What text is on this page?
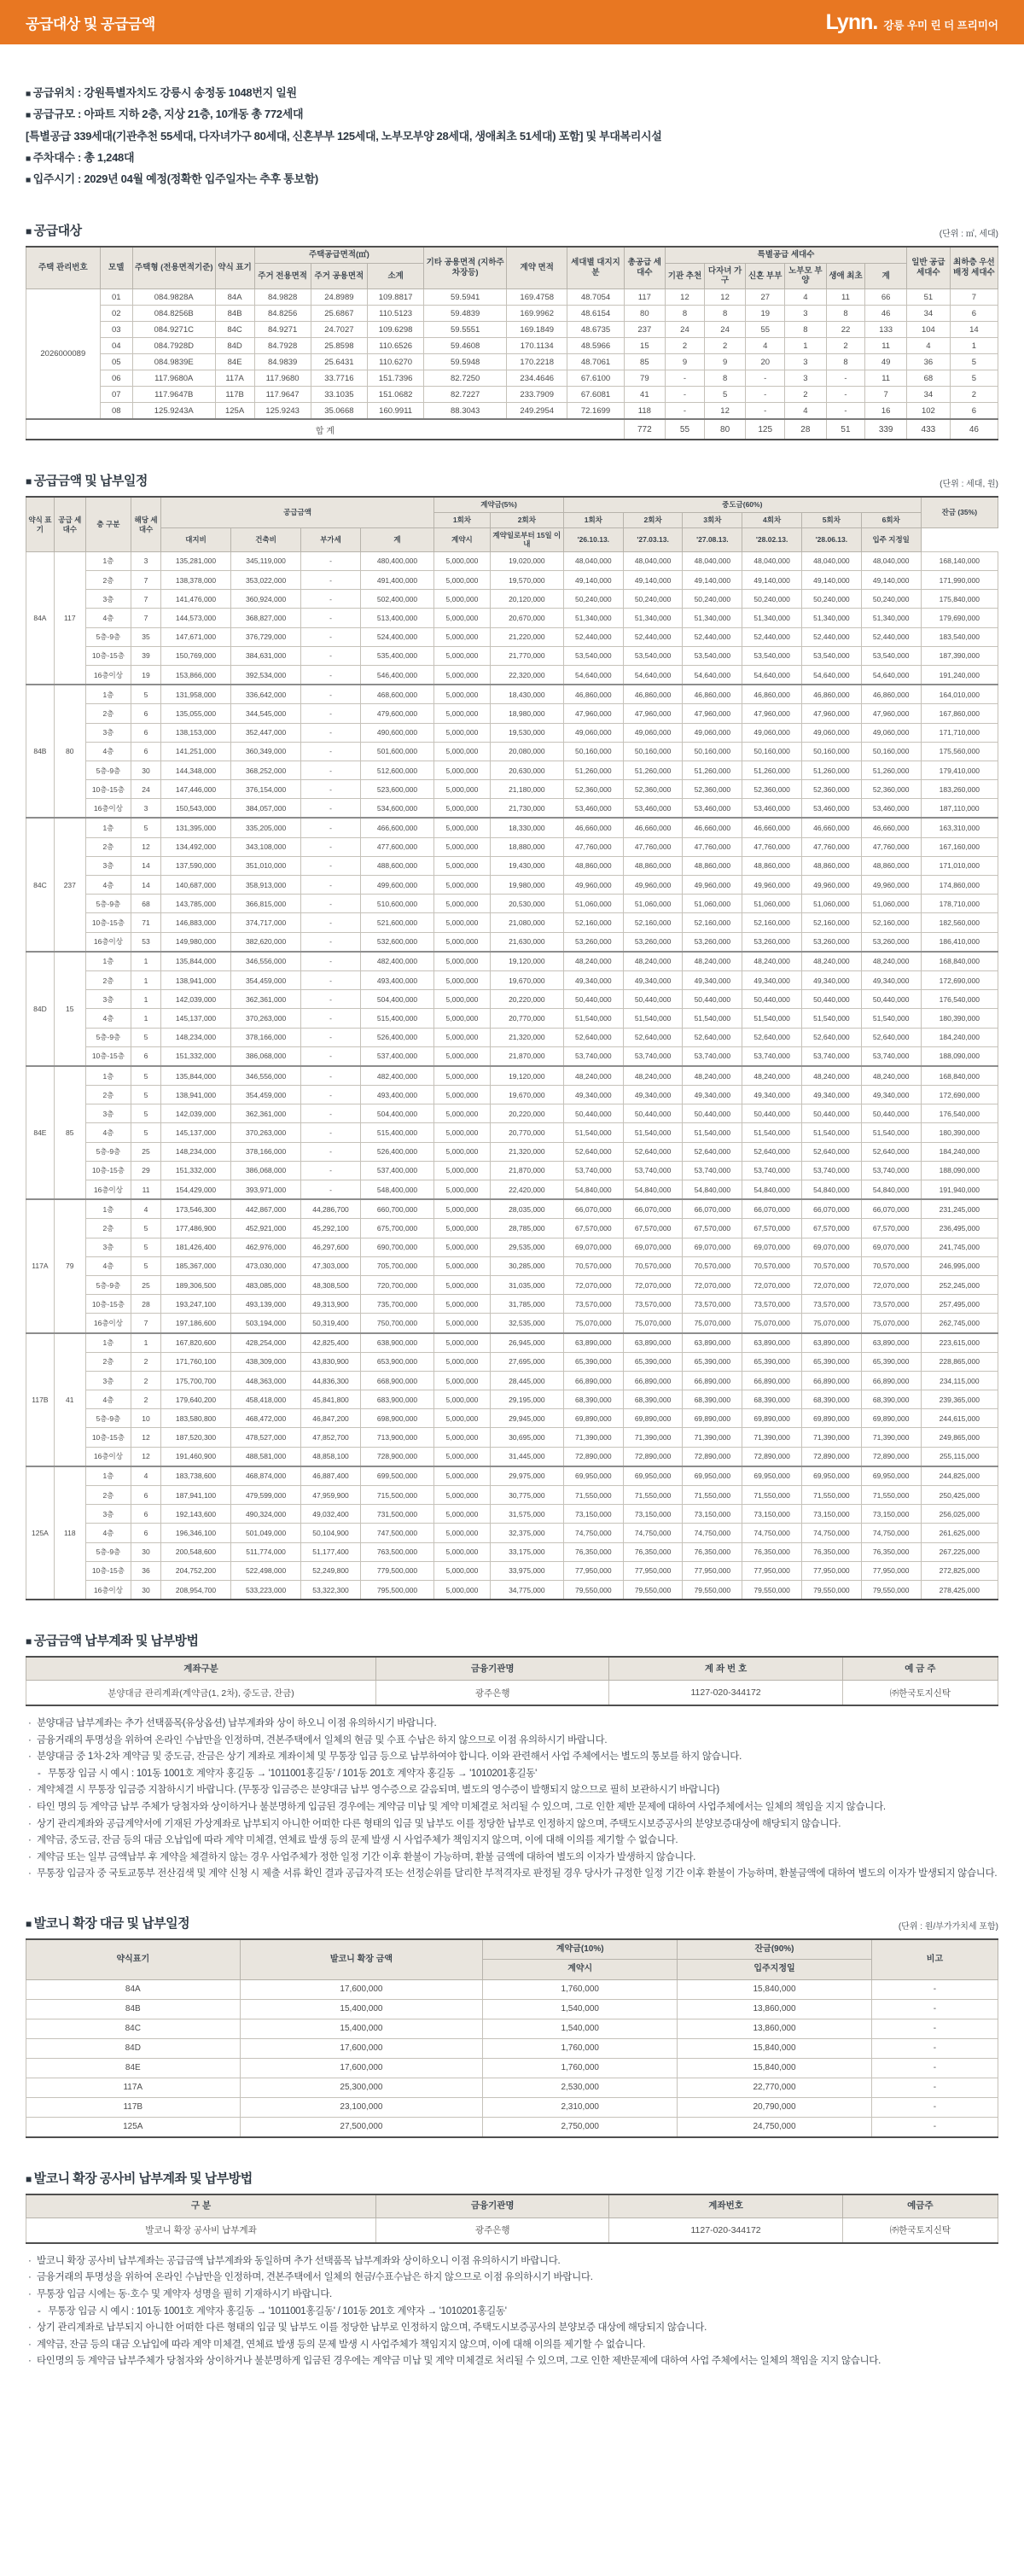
공급대상 및 공급금액	Lynn. 강릉 우미 린 더 프리미어
■ 공급위치 : 강원특별자치도 강릉시 송정동 1048번지 일원
■ 공급규모 : 아파트 지하 2층, 지상 21층, 10개동 총 772세대
[특별공급 339세대(기관추천 55세대, 다자녀가구 80세대, 신혼부부 125세대, 노부모부양 28세대, 생애최초 51세대) 포함] 및 부대복리시설
■ 주차대수 : 총 1,248대
■ 입주시기 : 2029년 04월 예정(정확한 입주일자는 추후 통보함)
■ 공급대상	(단위 : ㎡, 세대)
주택 관리번호	모델	주택형 (전용면적기준)	약식 표기	주택공급면적(㎡)			기타 공용면적 (지하주차장등)	계약 면적	세대별 대지지분	총공급 세대수	특별공급 세대수						일반 공급 세대수	최하층 우선 배정 세대수
				주거 전용면적	주거 공용면적	소계					기관 추천	다자녀 가구	신혼 부부	노부모 부양	생애 최초	계		
2026000089	01	084.9828A	84A	84.9828	24.8989	109.8817	59.5941	169.4758	48.7054	117	12	12	27	4	11	66	51	7
	02	084.8256B	84B	84.8256	25.6867	110.5123	59.4839	169.9962	48.6154	80	8	8	19	3	8	46	34	6
	03	084.9271C	84C	84.9271	24.7027	109.6298	59.5551	169.1849	48.6735	237	24	24	55	8	22	133	104	14
	04	084.7928D	84D	84.7928	25.8598	110.6526	59.4608	170.1134	48.5966	15	2	2	4	1	2	11	4	1
	05	084.9839E	84E	84.9839	25.6431	110.6270	59.5948	170.2218	48.7061	85	9	9	20	3	8	49	36	5
	06	117.9680A	117A	117.9680	33.7716	151.7396	82.7250	234.4646	67.6100	79	-	8	-	3	-	11	68	5
	07	117.9647B	117B	117.9647	33.1035	151.0682	82.7227	233.7909	67.6081	41	-	5	-	2	-	7	34	2
	08	125.9243A	125A	125.9243	35.0668	160.9911	88.3043	249.2954	72.1699	118	-	12	-	4	-	16	102	6
합 계										772	55	80	125	28	51	339	433	46
■ 공급금액 및 납부일정	(단위 : 세대, 원)
약식 표기	공급 세대수	층 구분	해당 세대수	공급금액				계약금(5%)		중도금(60%)						잔금 (35%)
								1회차	2회차	1회차	2회차	3회차	4회차	5회차	6회차	
				대지비	건축비	부가세	계	계약시	계약일로부터 15일 이내	'26.10.13.	'27.03.13.	'27.08.13.	'28.02.13.	'28.06.13.	입주 지정일	
84A	117	1층	3	135,281,000	345,119,000	-	480,400,000	5,000,000	19,020,000	48,040,000	48,040,000	48,040,000	48,040,000	48,040,000	48,040,000	168,140,000
		2층	7	138,378,000	353,022,000	-	491,400,000	5,000,000	19,570,000	49,140,000	49,140,000	49,140,000	49,140,000	49,140,000	49,140,000	171,990,000
		3층	7	141,476,000	360,924,000	-	502,400,000	5,000,000	20,120,000	50,240,000	50,240,000	50,240,000	50,240,000	50,240,000	50,240,000	175,840,000
		4층	7	144,573,000	368,827,000	-	513,400,000	5,000,000	20,670,000	51,340,000	51,340,000	51,340,000	51,340,000	51,340,000	51,340,000	179,690,000
		5층-9층	35	147,671,000	376,729,000	-	524,400,000	5,000,000	21,220,000	52,440,000	52,440,000	52,440,000	52,440,000	52,440,000	52,440,000	183,540,000
		10층-15층	39	150,769,000	384,631,000	-	535,400,000	5,000,000	21,770,000	53,540,000	53,540,000	53,540,000	53,540,000	53,540,000	53,540,000	187,390,000
		16층이상	19	153,866,000	392,534,000	-	546,400,000	5,000,000	22,320,000	54,640,000	54,640,000	54,640,000	54,640,000	54,640,000	54,640,000	191,240,000
84B	80	1층	5	131,958,000	336,642,000	-	468,600,000	5,000,000	18,430,000	46,860,000	46,860,000	46,860,000	46,860,000	46,860,000	46,860,000	164,010,000
		2층	6	135,055,000	344,545,000	-	479,600,000	5,000,000	18,980,000	47,960,000	47,960,000	47,960,000	47,960,000	47,960,000	47,960,000	167,860,000
		3층	6	138,153,000	352,447,000	-	490,600,000	5,000,000	19,530,000	49,060,000	49,060,000	49,060,000	49,060,000	49,060,000	49,060,000	171,710,000
		4층	6	141,251,000	360,349,000	-	501,600,000	5,000,000	20,080,000	50,160,000	50,160,000	50,160,000	50,160,000	50,160,000	50,160,000	175,560,000
		5층-9층	30	144,348,000	368,252,000	-	512,600,000	5,000,000	20,630,000	51,260,000	51,260,000	51,260,000	51,260,000	51,260,000	51,260,000	179,410,000
		10층-15층	24	147,446,000	376,154,000	-	523,600,000	5,000,000	21,180,000	52,360,000	52,360,000	52,360,000	52,360,000	52,360,000	52,360,000	183,260,000
		16층이상	3	150,543,000	384,057,000	-	534,600,000	5,000,000	21,730,000	53,460,000	53,460,000	53,460,000	53,460,000	53,460,000	53,460,000	187,110,000
84C	237	1층	5	131,395,000	335,205,000	-	466,600,000	5,000,000	18,330,000	46,660,000	46,660,000	46,660,000	46,660,000	46,660,000	46,660,000	163,310,000
		2층	12	134,492,000	343,108,000	-	477,600,000	5,000,000	18,880,000	47,760,000	47,760,000	47,760,000	47,760,000	47,760,000	47,760,000	167,160,000
		3층	14	137,590,000	351,010,000	-	488,600,000	5,000,000	19,430,000	48,860,000	48,860,000	48,860,000	48,860,000	48,860,000	48,860,000	171,010,000
		4층	14	140,687,000	358,913,000	-	499,600,000	5,000,000	19,980,000	49,960,000	49,960,000	49,960,000	49,960,000	49,960,000	49,960,000	174,860,000
		5층-9층	68	143,785,000	366,815,000	-	510,600,000	5,000,000	20,530,000	51,060,000	51,060,000	51,060,000	51,060,000	51,060,000	51,060,000	178,710,000
		10층-15층	71	146,883,000	374,717,000	-	521,600,000	5,000,000	21,080,000	52,160,000	52,160,000	52,160,000	52,160,000	52,160,000	52,160,000	182,560,000
		16층이상	53	149,980,000	382,620,000	-	532,600,000	5,000,000	21,630,000	53,260,000	53,260,000	53,260,000	53,260,000	53,260,000	53,260,000	186,410,000
84D	15	1층	1	135,844,000	346,556,000	-	482,400,000	5,000,000	19,120,000	48,240,000	48,240,000	48,240,000	48,240,000	48,240,000	48,240,000	168,840,000
		2층	1	138,941,000	354,459,000	-	493,400,000	5,000,000	19,670,000	49,340,000	49,340,000	49,340,000	49,340,000	49,340,000	49,340,000	172,690,000
		3층	1	142,039,000	362,361,000	-	504,400,000	5,000,000	20,220,000	50,440,000	50,440,000	50,440,000	50,440,000	50,440,000	50,440,000	176,540,000
		4층	1	145,137,000	370,263,000	-	515,400,000	5,000,000	20,770,000	51,540,000	51,540,000	51,540,000	51,540,000	51,540,000	51,540,000	180,390,000
		5층-9층	5	148,234,000	378,166,000	-	526,400,000	5,000,000	21,320,000	52,640,000	52,640,000	52,640,000	52,640,000	52,640,000	52,640,000	184,240,000
		10층-15층	6	151,332,000	386,068,000	-	537,400,000	5,000,000	21,870,000	53,740,000	53,740,000	53,740,000	53,740,000	53,740,000	53,740,000	188,090,000
84E	85	1층	5	135,844,000	346,556,000	-	482,400,000	5,000,000	19,120,000	48,240,000	48,240,000	48,240,000	48,240,000	48,240,000	48,240,000	168,840,000
		2층	5	138,941,000	354,459,000	-	493,400,000	5,000,000	19,670,000	49,340,000	49,340,000	49,340,000	49,340,000	49,340,000	49,340,000	172,690,000
		3층	5	142,039,000	362,361,000	-	504,400,000	5,000,000	20,220,000	50,440,000	50,440,000	50,440,000	50,440,000	50,440,000	50,440,000	176,540,000
		4층	5	145,137,000	370,263,000	-	515,400,000	5,000,000	20,770,000	51,540,000	51,540,000	51,540,000	51,540,000	51,540,000	51,540,000	180,390,000
		5층-9층	25	148,234,000	378,166,000	-	526,400,000	5,000,000	21,320,000	52,640,000	52,640,000	52,640,000	52,640,000	52,640,000	52,640,000	184,240,000
		10층-15층	29	151,332,000	386,068,000	-	537,400,000	5,000,000	21,870,000	53,740,000	53,740,000	53,740,000	53,740,000	53,740,000	53,740,000	188,090,000
		16층이상	11	154,429,000	393,971,000	-	548,400,000	5,000,000	22,420,000	54,840,000	54,840,000	54,840,000	54,840,000	54,840,000	54,840,000	191,940,000
117A	79	1층	4	173,546,300	442,867,000	44,286,700	660,700,000	5,000,000	28,035,000	66,070,000	66,070,000	66,070,000	66,070,000	66,070,000	66,070,000	231,245,000
		2층	5	177,486,900	452,921,000	45,292,100	675,700,000	5,000,000	28,785,000	67,570,000	67,570,000	67,570,000	67,570,000	67,570,000	67,570,000	236,495,000
		3층	5	181,426,400	462,976,000	46,297,600	690,700,000	5,000,000	29,535,000	69,070,000	69,070,000	69,070,000	69,070,000	69,070,000	69,070,000	241,745,000
		4층	5	185,367,000	473,030,000	47,303,000	705,700,000	5,000,000	30,285,000	70,570,000	70,570,000	70,570,000	70,570,000	70,570,000	70,570,000	246,995,000
		5층-9층	25	189,306,500	483,085,000	48,308,500	720,700,000	5,000,000	31,035,000	72,070,000	72,070,000	72,070,000	72,070,000	72,070,000	72,070,000	252,245,000
		10층-15층	28	193,247,100	493,139,000	49,313,900	735,700,000	5,000,000	31,785,000	73,570,000	73,570,000	73,570,000	73,570,000	73,570,000	73,570,000	257,495,000
		16층이상	7	197,186,600	503,194,000	50,319,400	750,700,000	5,000,000	32,535,000	75,070,000	75,070,000	75,070,000	75,070,000	75,070,000	75,070,000	262,745,000
117B	41	1층	1	167,820,600	428,254,000	42,825,400	638,900,000	5,000,000	26,945,000	63,890,000	63,890,000	63,890,000	63,890,000	63,890,000	63,890,000	223,615,000
		2층	2	171,760,100	438,309,000	43,830,900	653,900,000	5,000,000	27,695,000	65,390,000	65,390,000	65,390,000	65,390,000	65,390,000	65,390,000	228,865,000
		3층	2	175,700,700	448,363,000	44,836,300	668,900,000	5,000,000	28,445,000	66,890,000	66,890,000	66,890,000	66,890,000	66,890,000	66,890,000	234,115,000
		4층	2	179,640,200	458,418,000	45,841,800	683,900,000	5,000,000	29,195,000	68,390,000	68,390,000	68,390,000	68,390,000	68,390,000	68,390,000	239,365,000
		5층-9층	10	183,580,800	468,472,000	46,847,200	698,900,000	5,000,000	29,945,000	69,890,000	69,890,000	69,890,000	69,890,000	69,890,000	69,890,000	244,615,000
		10층-15층	12	187,520,300	478,527,000	47,852,700	713,900,000	5,000,000	30,695,000	71,390,000	71,390,000	71,390,000	71,390,000	71,390,000	71,390,000	249,865,000
		16층이상	12	191,460,900	488,581,000	48,858,100	728,900,000	5,000,000	31,445,000	72,890,000	72,890,000	72,890,000	72,890,000	72,890,000	72,890,000	255,115,000
125A	118	1층	4	183,738,600	468,874,000	46,887,400	699,500,000	5,000,000	29,975,000	69,950,000	69,950,000	69,950,000	69,950,000	69,950,000	69,950,000	244,825,000
		2층	6	187,941,100	479,599,000	47,959,900	715,500,000	5,000,000	30,775,000	71,550,000	71,550,000	71,550,000	71,550,000	71,550,000	71,550,000	250,425,000
		3층	6	192,143,600	490,324,000	49,032,400	731,500,000	5,000,000	31,575,000	73,150,000	73,150,000	73,150,000	73,150,000	73,150,000	73,150,000	256,025,000
		4층	6	196,346,100	501,049,000	50,104,900	747,500,000	5,000,000	32,375,000	74,750,000	74,750,000	74,750,000	74,750,000	74,750,000	74,750,000	261,625,000
		5층-9층	30	200,548,600	511,774,000	51,177,400	763,500,000	5,000,000	33,175,000	76,350,000	76,350,000	76,350,000	76,350,000	76,350,000	76,350,000	267,225,000
		10층-15층	36	204,752,200	522,498,000	52,249,800	779,500,000	5,000,000	33,975,000	77,950,000	77,950,000	77,950,000	77,950,000	77,950,000	77,950,000	272,825,000
		16층이상	30	208,954,700	533,223,000	53,322,300	795,500,000	5,000,000	34,775,000	79,550,000	79,550,000	79,550,000	79,550,000	79,550,000	79,550,000	278,425,000
■ 공급금액 납부계좌 및 납부방법
계좌구분	금융기관명	계 좌 번 호	예 금 주
분양대금 관리계좌(계약금(1, 2차), 중도금, 잔금)	광주은행	1127-020-344172	㈜한국토지신탁
· 분양대금 납부계좌는 추가 선택품목(유상옵션) 납부계좌와 상이 하오니 이점 유의하시기 바랍니다.
· 금융거래의 투명성을 위하여 온라인 수납만을 인정하며, 견본주택에서 일체의 현금 및 수표 수납은 하지 않으므로 이점 유의하시기 바랍니다.
· 분양대금 중 1차·2차 계약금 및 중도금, 잔금은 상기 계좌로 계좌이체 및 무통장 입금 등으로 납부하여야 합니다. 이와 관련해서 사업 주체에서는 별도의 통보를 하지 않습니다.
- 무통장 입금 시 예시 : 101동 1001호 계약자 홍길동 → '1011001홍길동' / 101동 201호 계약자 홍길동 → '1010201홍길동'
· 계약체결 시 무통장 입금증 지참하시기 바랍니다. (무통장 입금증은 분양대금 납부 영수증으로 갈음되며, 별도의 영수증이 발행되지 않으므로 필히 보관하시기 바랍니다)
· 타인 명의 등 계약금 납부 주체가 당첨자와 상이하거나 불분명하게 입금된 경우에는 계약금 미납 및 계약 미체결로 처리될 수 있으며, 그로 인한 제반 문제에 대하여 사업주체에서는 일체의 책임을 지지 않습니다.
· 상기 관리계좌와 공급계약서에 기재된 가상계좌로 납부되지 아니한 어떠한 다른 형태의 입금 및 납부도 이를 정당한 납부로 인정하지 않으며, 주택도시보증공사의 분양보증대상에 해당되지 않습니다.
· 계약금, 중도금, 잔금 등의 대금 오납입에 따라 계약 미체결, 연체료 발생 등의 문제 발생 시 사업주체가 책임지지 않으며, 이에 대해 이의를 제기할 수 없습니다.
· 계약금 또는 일부 금액납부 후 계약을 체결하지 않는 경우 사업주체가 정한 일정 기간 이후 환불이 가능하며, 환불 금액에 대하여 별도의 이자가 발생하지 않습니다.
· 무통장 입금자 중 국토교통부 전산검색 및 계약 신청 시 제출 서류 확인 결과 공급자격 또는 선정순위를 달리한 부적격자로 판정될 경우 당사가 규정한 일정 기간 이후 환불이 가능하며, 환불금액에 대하여 별도의 이자가 발생되지 않습니다.
■ 발코니 확장 대금 및 납부일정	(단위 : 원/부가가치세 포함)
약식표기	발코니 확장 금액	계약금(10%)	잔금(90%)	비고
		계약시	입주지정일	
84A	17,600,000	1,760,000	15,840,000	-
84B	15,400,000	1,540,000	13,860,000	-
84C	15,400,000	1,540,000	13,860,000	-
84D	17,600,000	1,760,000	15,840,000	-
84E	17,600,000	1,760,000	15,840,000	-
117A	25,300,000	2,530,000	22,770,000	-
117B	23,100,000	2,310,000	20,790,000	-
125A	27,500,000	2,750,000	24,750,000	-
■ 발코니 확장 공사비 납부계좌 및 납부방법
구 분	금융기관명	계좌번호	예금주
발코니 확장 공사비 납부계좌	광주은행	1127-020-344172	㈜한국토지신탁
· 발코니 확장 공사비 납부계좌는 공급금액 납부계좌와 동일하며 추가 선택품목 납부계좌와 상이하오니 이점 유의하시기 바랍니다.
· 금융거래의 투명성을 위하여 온라인 수납만을 인정하며, 견본주택에서 일체의 현금/수표수납은 하지 않으므로 이점 유의하시기 바랍니다.
· 무통장 입금 시에는 동·호수 및 계약자 성명을 필히 기재하시기 바랍니다.
- 무통장 입금 시 예시 : 101동 1001호 계약자 홍길동 → '1011001홍길동' / 101동 201호 계약자 → '1010201홍길동'
· 상기 관리계좌로 납부되지 아니한 어떠한 다른 형태의 입금 및 납부도 이를 정당한 납부로 인정하지 않으며, 주택도시보증공사의 분양보증 대상에 해당되지 않습니다.
· 계약금, 잔금 등의 대금 오납입에 따라 계약 미체결, 연체료 발생 등의 문제 발생 시 사업주체가 책임지지 않으며, 이에 대해 이의를 제기할 수 없습니다.
· 타인명의 등 계약금 납부주체가 당첨자와 상이하거나 불분명하게 입금된 경우에는 계약금 미납 및 계약 미체결로 처리될 수 있으며, 그로 인한 제반문제에 대하여 사업 주체에서는 일체의 책임을 지지 않습니다.
